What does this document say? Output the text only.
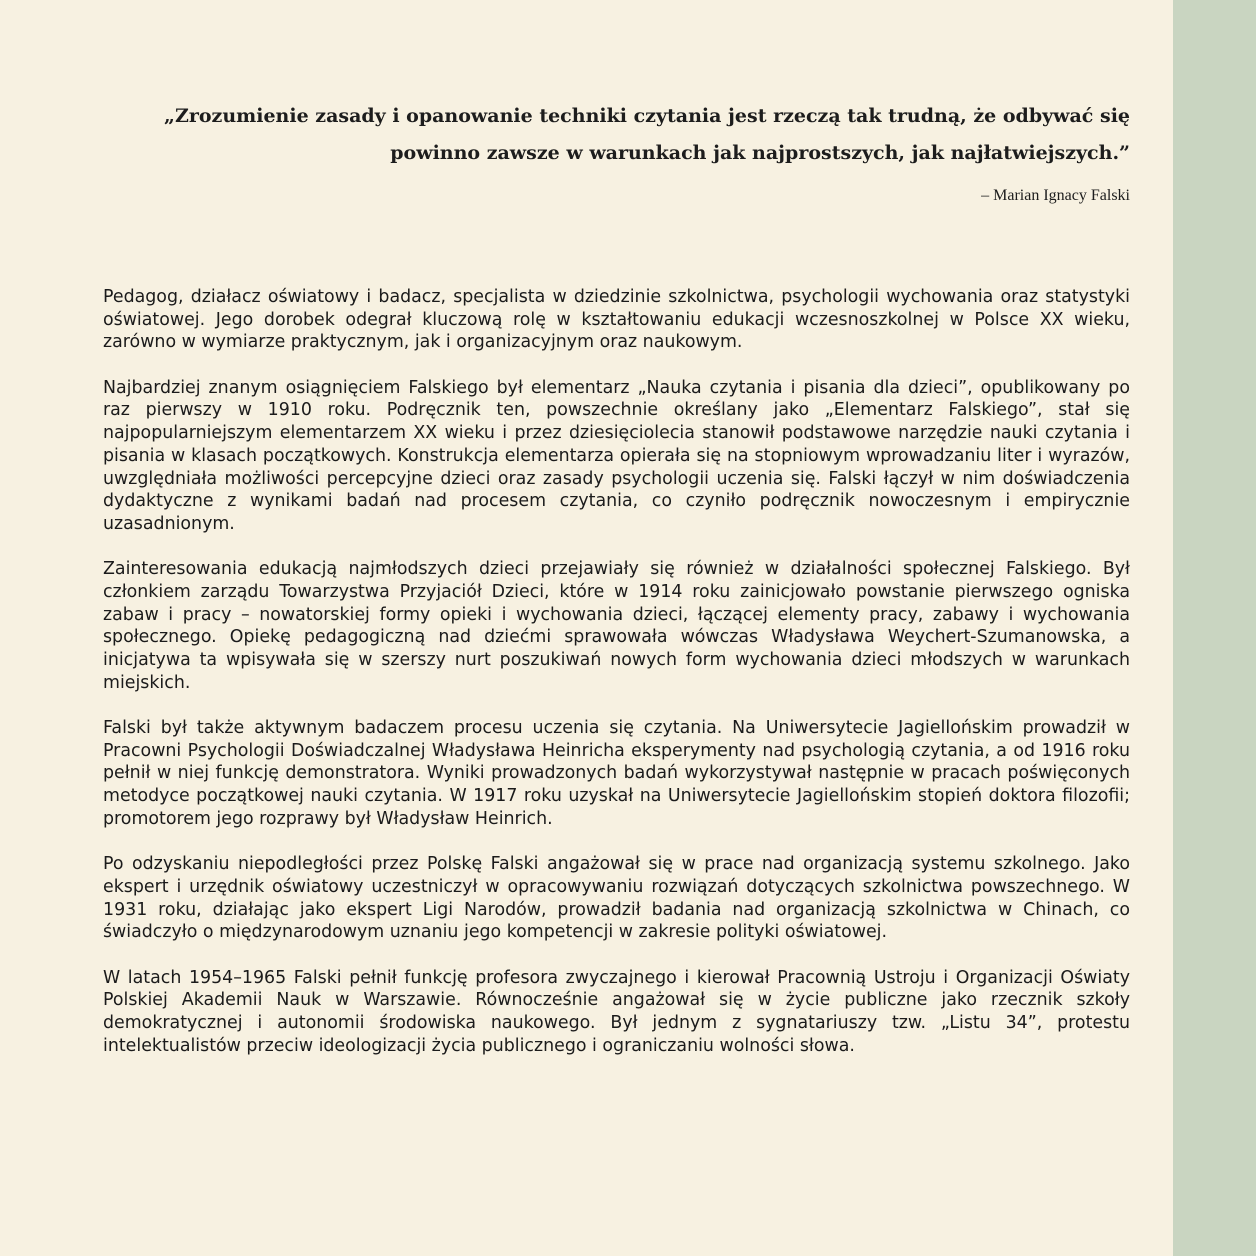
„Zrozumienie zasady i opanowanie techniki czytania jest rzeczą tak trudną, że odbywać się powinno zawsze w warunkach jak najprostszych, jak najłatwiejszych.”

– Marian Ignacy Falski

Pedagog, działacz oświatowy i badacz, specjalista w dziedzinie szkolnictwa, psychologii wychowania oraz statystyki oświatowej. Jego dorobek odegrał kluczową rolę w kształtowaniu edukacji wczesnoszkolnej w Polsce XX wieku, zarówno w wymiarze praktycznym, jak i organizacyjnym oraz naukowym.

Najbardziej znanym osiągnięciem Falskiego był elementarz „Nauka czytania i pisania dla dzieci”, opublikowany po raz pierwszy w 1910 roku. Podręcznik ten, powszechnie określany jako „Elementarz Falskiego”, stał się najpopularniejszym elementarzem XX wieku i przez dziesięciolecia stanowił podstawowe narzędzie nauki czytania i pisania w klasach początkowych. Konstrukcja elementarza opierała się na stopniowym wprowadzaniu liter i wyrazów, uwzględniała możliwości percepcyjne dzieci oraz zasady psychologii uczenia się. Falski łączył w nim doświadczenia dydaktyczne z wynikami badań nad procesem czytania, co czyniło podręcznik nowoczesnym i empirycznie uzasadnionym.

Zainteresowania edukacją najmłodszych dzieci przejawiały się również w działalności społecznej Falskiego. Był członkiem zarządu Towarzystwa Przyjaciół Dzieci, które w 1914 roku zainicjowało powstanie pierwszego ogniska zabaw i pracy – nowatorskiej formy opieki i wychowania dzieci, łączącej elementy pracy, zabawy i wychowania społecznego. Opiekę pedagogiczną nad dziećmi sprawowała wówczas Władysława Weychert-Szumanowska, a inicjatywa ta wpisywała się w szerszy nurt poszukiwań nowych form wychowania dzieci młodszych w warunkach miejskich.

Falski był także aktywnym badaczem procesu uczenia się czytania. Na Uniwersytecie Jagiellońskim prowadził w Pracowni Psychologii Doświadczalnej Władysława Heinricha eksperymenty nad psychologią czytania, a od 1916 roku pełnił w niej funkcję demonstratora. Wyniki prowadzonych badań wykorzystywał następnie w pracach poświęconych metodyce początkowej nauki czytania. W 1917 roku uzyskał na Uniwersytecie Jagiellońskim stopień doktora filozofii; promotorem jego rozprawy był Władysław Heinrich.

Po odzyskaniu niepodległości przez Polskę Falski angażował się w prace nad organizacją systemu szkolnego. Jako ekspert i urzędnik oświatowy uczestniczył w opracowywaniu rozwiązań dotyczących szkolnictwa powszechnego. W 1931 roku, działając jako ekspert Ligi Narodów, prowadził badania nad organizacją szkolnictwa w Chinach, co świadczyło o międzynarodowym uznaniu jego kompetencji w zakresie polityki oświatowej.

W latach 1954–1965 Falski pełnił funkcję profesora zwyczajnego i kierował Pracownią Ustroju i Organizacji Oświaty Polskiej Akademii Nauk w Warszawie. Równocześnie angażował się w życie publiczne jako rzecznik szkoły demokratycznej i autonomii środowiska naukowego. Był jednym z sygnatariuszy tzw. „Listu 34”, protestu intelektualistów przeciw ideologizacji życia publicznego i ograniczaniu wolności słowa.
